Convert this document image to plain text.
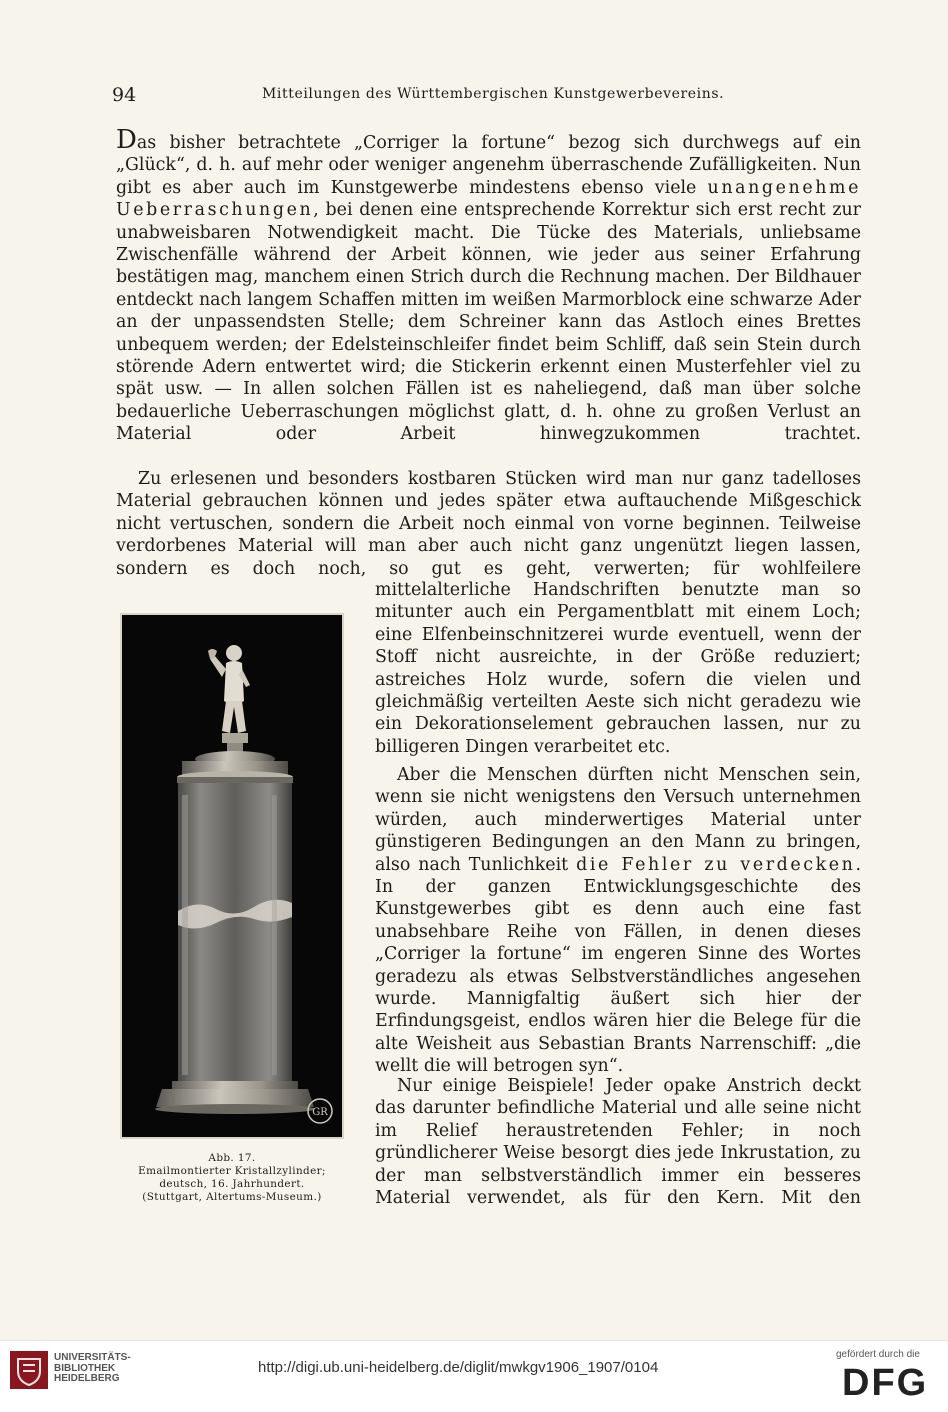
94	Mitteilungen des Württembergischen Kunstgewerbevereins.
Das bisher betrachtete „Corriger la fortune“ bezog sich durchwegs auf ein „Glück“, d. h. auf mehr oder weniger angenehm überraschende Zufälligkeiten. Nun gibt es aber auch im Kunstgewerbe mindestens ebenso viele unangenehme Ueberraschungen, bei denen eine entsprechende Korrektur sich erst recht zur unabweisbaren Notwendigkeit macht. Die Tücke des Materials, unliebsame Zwischenfälle während der Arbeit können, wie jeder aus seiner Erfahrung bestätigen mag, manchem einen Strich durch die Rechnung machen. Der Bildhauer entdeckt nach langem Schaffen mitten im weißen Marmorblock eine schwarze Ader an der unpassendsten Stelle; dem Schreiner kann das Astloch eines Brettes unbequem werden; der Edelsteinschleifer findet beim Schliff, daß sein Stein durch störende Adern entwertet wird; die Stickerin erkennt einen Musterfehler viel zu spät usw. — In allen solchen Fällen ist es naheliegend, daß man über solche bedauerliche Ueberraschungen möglichst glatt, d. h. ohne zu großen Verlust an Material oder Arbeit hinwegzukommen trachtet.
Zu erlesenen und besonders kostbaren Stücken wird man nur ganz tadelloses Material gebrauchen können und jedes später etwa auftauchende Mißgeschick nicht vertuschen, sondern die Arbeit noch einmal von vorne beginnen. Teilweise verdorbenes Material will man aber auch nicht ganz ungenützt liegen lassen, sondern es doch noch, so gut es geht, verwerten; für wohlfeilere
mittelalterliche Handschriften benutzte man so mitunter auch ein Pergamentblatt mit einem Loch; eine Elfenbeinschnitzerei wurde eventuell, wenn der Stoff nicht ausreichte, in der Größe reduziert; astreiches Holz wurde, sofern die vielen und gleichmäßig verteilten Aeste sich nicht geradezu wie ein Dekorationselement gebrauchen lassen, nur zu billigeren Dingen verarbeitet etc.
Aber die Menschen dürften nicht Menschen sein, wenn sie nicht wenigstens den Versuch unternehmen würden, auch minderwertiges Material unter günstigeren Bedingungen an den Mann zu bringen, also nach Tunlichkeit die Fehler zu verdecken. In der ganzen Entwicklungsgeschichte des Kunstgewerbes gibt es denn auch eine fast unabsehbare Reihe von Fällen, in denen dieses „Corriger la fortune“ im engeren Sinne des Wortes geradezu als etwas Selbstverständliches angesehen wurde. Mannigfaltig äußert sich hier der Erfindungsgeist, endlos wären hier die Belege für die alte Weisheit aus Sebastian Brants Narrenschiff: „die wellt die will betrogen syn“.
Nur einige Beispiele! Jeder opake Anstrich deckt das darunter befindliche Material und alle seine nicht im Relief heraustretenden Fehler; in noch gründlicherer Weise besorgt dies jede Inkrustation, zu der man selbstverständlich immer ein besseres Material verwendet, als für den Kern. Mit den
GR
Abb. 17.
Emailmontierter Kristallzylinder;
deutsch, 16. Jahrhundert.
(Stuttgart, Altertums-Museum.)
UNIVERSITÄTS-
BIBLIOTHEK
HEIDELBERG
http://digi.ub.uni-heidelberg.de/diglit/mwkgv1906_1907/0104
gefördert durch die
DFG
